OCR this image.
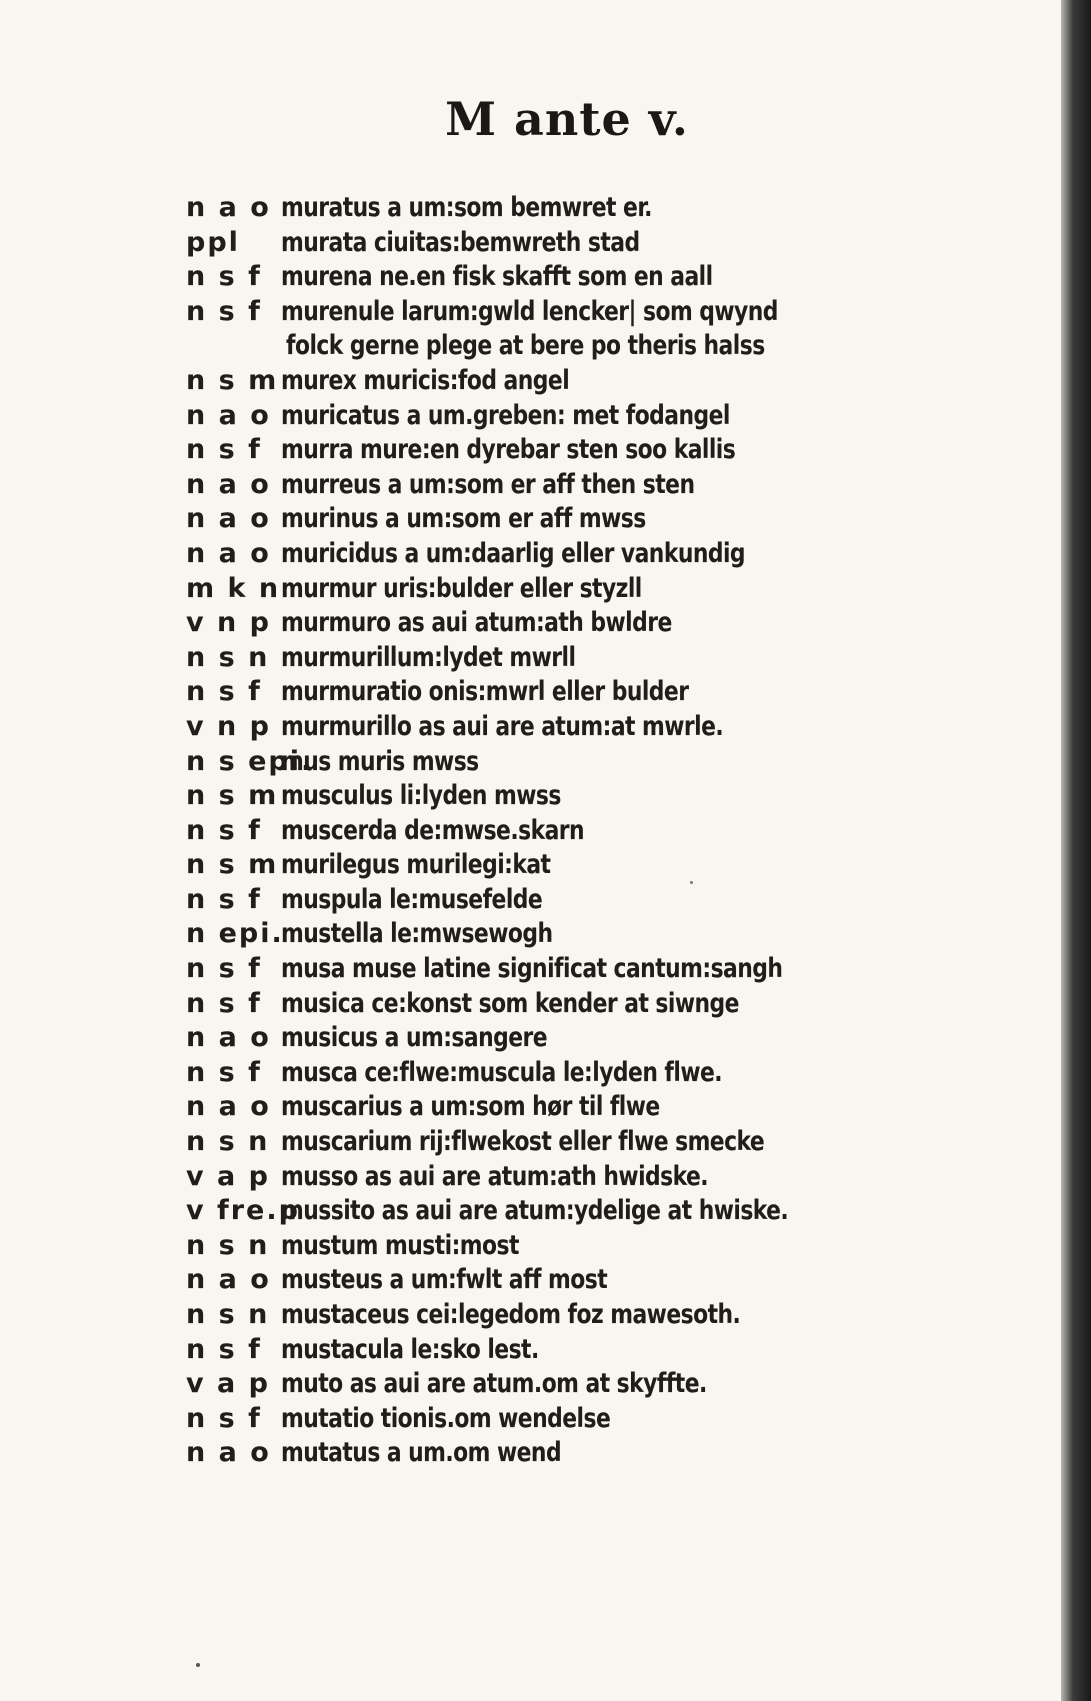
M ante v.
n a o muratus a um:som bemwret er.
ppl	murata ciuitas:bemwreth stad
n s f murena ne.en fisk skafft som en aall
n s f murenule larum:gwld lencker| som qwynd
folck gerne plege at bere po theris halss
n s m murex muricis:fod angel
n a o muricatus a um.greben: met fodangel
n s f murra mure:en dyrebar sten soo kallis
n a o murreus a um:som er aff then sten
n a o murinus a um:som er aff mwss
n a o muricidus a um:daarlig eller vankundig
m k n murmur uris:bulder eller styzll
v n p murmuro as aui atum:ath bwldre
n s n murmurillum:lydet mwrll
n s f murmuratio onis:mwrl eller bulder
v n p murmurillo as aui are atum:at mwrle.
n s epi.
mus muris mwss
n s m musculus li:lyden mwss
n s f muscerda de:mwse.skarn
n s m murilegus murilegi:kat
n s f muspula le:musefelde
n epi.
mustella le:mwsewogh
n s f musa muse latine significat cantum:sangh
n s f musica ce:konst som kender at siwnge
n a o musicus a um:sangere
n s f musca ce:flwe:muscula le:lyden flwe.
n a o muscarius a um:som hør til flwe
n s n muscarium rij:flwekost eller flwe smecke
v a p musso as aui are atum:ath hwidske.
v fre.p
mussito as aui are atum:ydelige at hwiske.
n s n mustum musti:most
n a o musteus a um:fwlt aff most
n s n mustaceus cei:legedom foz mawesoth.
n s f mustacula le:sko lest.
v a p muto as aui are atum.om at skyffte.
n s f mutatio tionis.om wendelse
n a o mutatus a um.om wend
